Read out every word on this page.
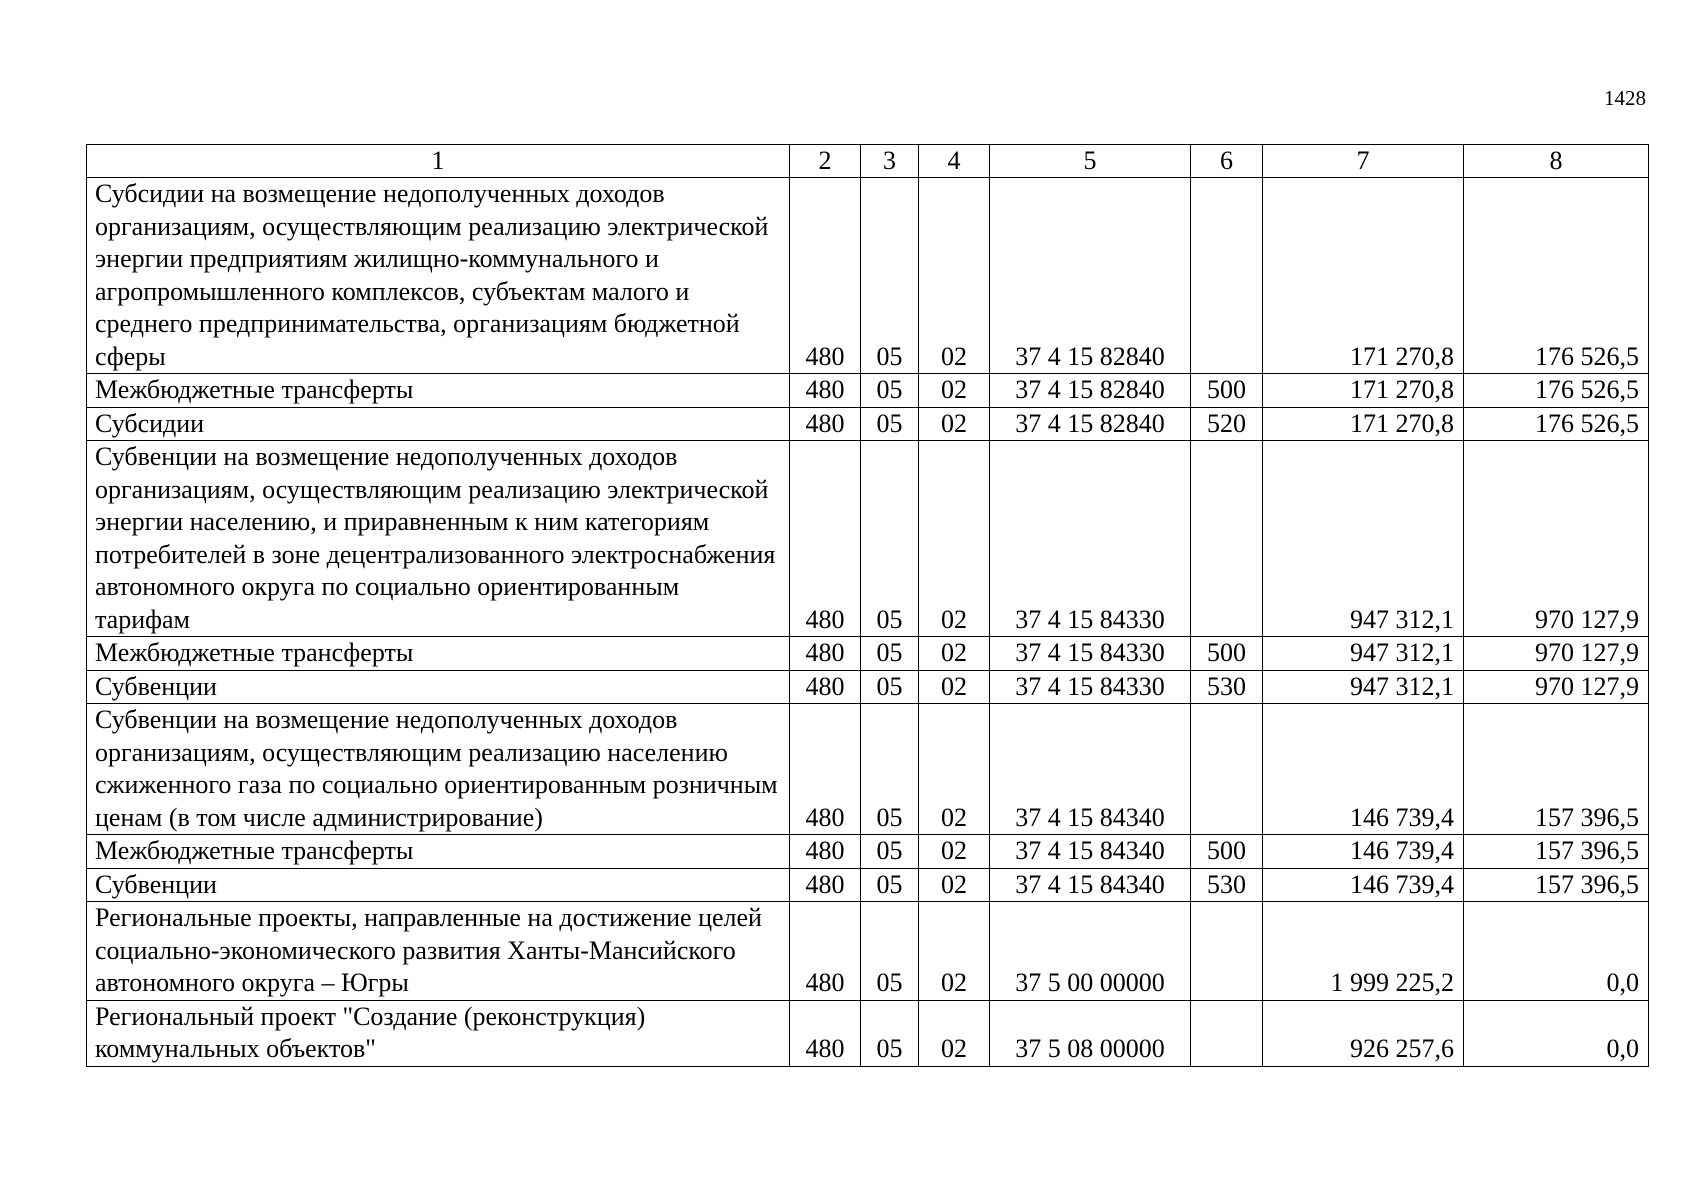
1428
1	2	3	4	5	6	7	8
Субсидии на возмещение недополученных доходов организациям, осуществляющим реализацию электрической энергии предприятиям жилищно-коммунального и агропромышленного комплексов, субъектам малого и среднего предпринимательства, организациям бюджетной сферы	480	05	02	37 4 15 82840		171 270,8	176 526,5
Межбюджетные трансферты	480	05	02	37 4 15 82840	500	171 270,8	176 526,5
Субсидии	480	05	02	37 4 15 82840	520	171 270,8	176 526,5
Субвенции на возмещение недополученных доходов организациям, осуществляющим реализацию электрической энергии населению, и приравненным к ним категориям потребителей в зоне децентрализованного электроснабжения автономного округа по социально ориентированным тарифам	480	05	02	37 4 15 84330		947 312,1	970 127,9
Межбюджетные трансферты	480	05	02	37 4 15 84330	500	947 312,1	970 127,9
Субвенции	480	05	02	37 4 15 84330	530	947 312,1	970 127,9
Субвенции на возмещение недополученных доходов организациям, осуществляющим реализацию населению сжиженного газа по социально ориентированным розничным ценам (в том числе администрирование)	480	05	02	37 4 15 84340		146 739,4	157 396,5
Межбюджетные трансферты	480	05	02	37 4 15 84340	500	146 739,4	157 396,5
Субвенции	480	05	02	37 4 15 84340	530	146 739,4	157 396,5
Региональные проекты, направленные на достижение целей социально-экономического развития Ханты-Мансийского автономного округа – Югры	480	05	02	37 5 00 00000		1 999 225,2	0,0
Региональный проект "Создание (реконструкция) коммунальных объектов"	480	05	02	37 5 08 00000		926 257,6	0,0
